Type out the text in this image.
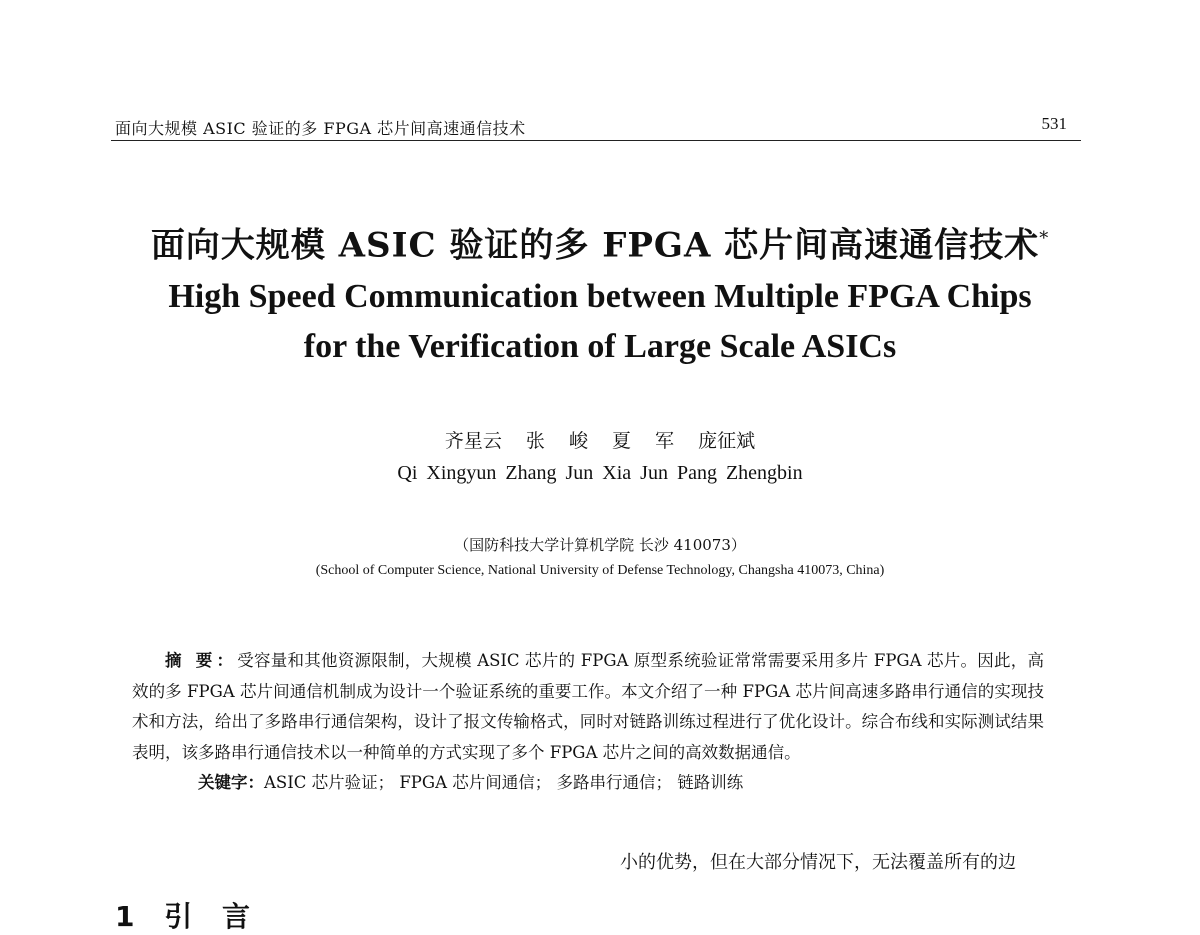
面向大规模 ASIC 验证的多 FPGA 芯片间高速通信技术	531
面向大规模 ASIC 验证的多 FPGA 芯片间高速通信技术*
High Speed Communication between Multiple FPGA Chips
for the Verification of Large Scale ASICs
齐星云 张 峻 夏 军 庞征斌
Qi Xingyun Zhang Jun Xia Jun Pang Zhengbin
（国防科技大学计算机学院 长沙 410073）
(School of Computer Science, National University of Defense Technology, Changsha 410073, China)

摘 要：受容量和其他资源限制，大规模 ASIC 芯片的 FPGA 原型系统验证常常需要采用多片 FPGA 芯片。因此，高效的多 FPGA 芯片间通信机制成为设计一个验证系统的重要工作。本文介绍了一种 FPGA 芯片间高速多路串行通信的实现技术和方法，给出了多路串行通信架构，设计了报文传输格式，同时对链路训练过程进行了优化设计。综合布线和实际测试结果表明，该多路串行通信技术以一种简单的方式实现了多个 FPGA 芯片之间的高效数据通信。

关键字：ASIC 芯片验证； FPGA 芯片间通信； 多路串行通信； 链路训练

小的优势，但在大部分情况下，无法覆盖所有的边
1 引 言
